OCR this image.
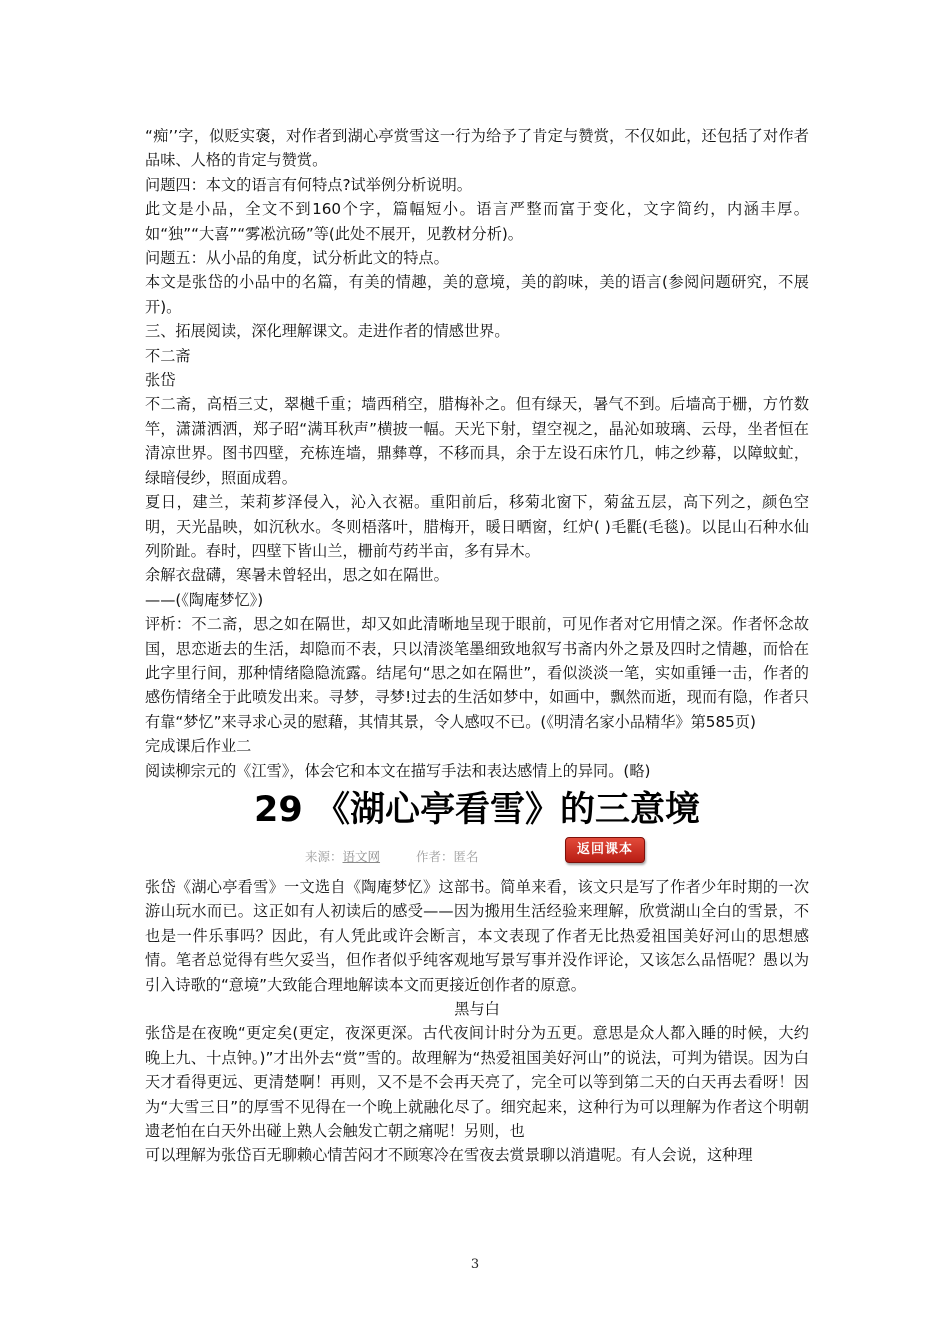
“痴’’字，似贬实褒，对作者到湖心亭赏雪这一行为给予了肯定与赞赏，不仅如此，还包括了对作者品味、人格的肯定与赞赏。

问题四：本文的语言有何特点?试举例分析说明。

此文是小品，全文不到160个字，篇幅短小。语言严整而富于变化，文字简约，内涵丰厚。如“独”“大喜”“雾凇沆砀”等(此处不展开，见教材分析)。

问题五：从小品的角度，试分析此文的特点。

本文是张岱的小品中的名篇，有美的情趣，美的意境，美的韵味，美的语言(参阅问题研究，不展开)。

三、拓展阅读，深化理解课文。走进作者的情感世界。

不二斋

张岱

不二斋，高梧三丈，翠樾千重；墙西稍空，腊梅补之。但有绿天，暑气不到。后墙高于栅，方竹数竿，潇潇洒洒，郑子昭“满耳秋声”横披一幅。天光下射，望空视之，晶沁如玻璃、云母，坐者恒在清凉世界。图书四壁，充栋连墙，鼎彝尊，不移而具，余于左设石床竹几，帏之纱幕，以障蚊虻，绿暗侵纱，照面成碧。

夏日，建兰，茉莉芗泽侵入，沁入衣裾。重阳前后，移菊北窗下，菊盆五层，高下列之，颜色空明，天光晶映，如沉秋水。冬则梧落叶，腊梅开，暖日晒窗，红炉( )毛氍(毛毯)。以昆山石种水仙列阶趾。春时，四壁下皆山兰，栅前芍药半亩，多有异木。

余解衣盘礴，寒暑未曾轻出，思之如在隔世。

——(《陶庵梦忆》)

评析：不二斋，思之如在隔世，却又如此清晰地呈现于眼前，可见作者对它用情之深。作者怀念故国，思恋逝去的生活，却隐而不表，只以清淡笔墨细致地叙写书斋内外之景及四时之情趣，而恰在此字里行间，那种情绪隐隐流露。结尾句“思之如在隔世”，看似淡淡一笔，实如重锤一击，作者的感伤情绪全于此喷发出来。寻梦，寻梦!过去的生活如梦中，如画中，飘然而逝，现而有隐，作者只有靠“梦忆”来寻求心灵的慰藉，其情其景，令人感叹不已。(《明清名家小品精华》第585页)

完成课后作业二

阅读柳宗元的《江雪》，体会它和本文在描写手法和表达感情上的异同。(略)

29 《湖心亭看雪》的三意境
来源：语文网	作者：匿名	返回课本

张岱《湖心亭看雪》一文选自《陶庵梦忆》这部书。简单来看，该文只是写了作者少年时期的一次游山玩水而已。这正如有人初读后的感受——因为搬用生活经验来理解，欣赏湖山全白的雪景，不也是一件乐事吗？因此，有人凭此或许会断言，本文表现了作者无比热爱祖国美好河山的思想感情。笔者总觉得有些欠妥当，但作者似乎纯客观地写景写事并没作评论，又该怎么品悟呢？愚以为引入诗歌的“意境”大致能合理地解读本文而更接近创作者的原意。

黑与白

张岱是在夜晚“更定矣(更定，夜深更深。古代夜间计时分为五更。意思是众人都入睡的时候，大约晚上九、十点钟。)”才出外去“赏”雪的。故理解为“热爱祖国美好河山”的说法，可判为错误。因为白天才看得更远、更清楚啊！再则，又不是不会再天亮了，完全可以等到第二天的白天再去看呀！因为“大雪三日”的厚雪不见得在一个晚上就融化尽了。细究起来，这种行为可以理解为作者这个明朝遗老怕在白天外出碰上熟人会触发亡朝之痛呢！另则，也

可以理解为张岱百无聊赖心情苦闷才不顾寒冷在雪夜去赏景聊以消遣呢。有人会说，这种理

3
